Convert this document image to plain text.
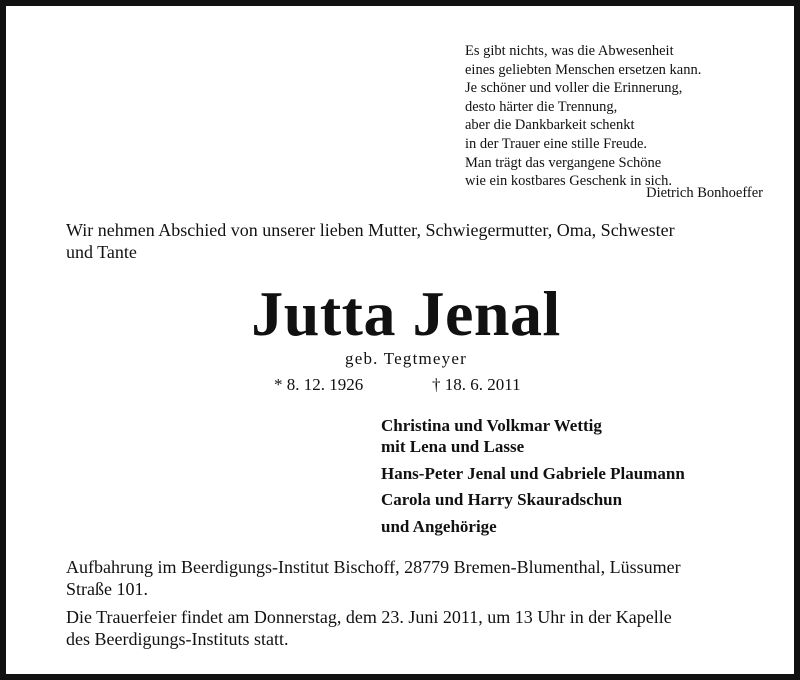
Es gibt nichts, was die Abwesenheit
eines geliebten Menschen ersetzen kann.
Je schöner und voller die Erinnerung,
desto härter die Trennung,
aber die Dankbarkeit schenkt
in der Trauer eine stille Freude.
Man trägt das vergangene Schöne
wie ein kostbares Geschenk in sich.
Dietrich Bonhoeffer
Wir nehmen Abschied von unserer lieben Mutter, Schwiegermutter, Oma, Schwester
und Tante
Jutta Jenal
geb. Tegtmeyer
* 8. 12. 1926	† 18. 6. 2011
Christina und Volkmar Wettig
mit Lena und Lasse
Hans-Peter Jenal und Gabriele Plaumann
Carola und Harry Skauradschun
und Angehörige
Aufbahrung im Beerdigungs-Institut Bischoff, 28779 Bremen-Blumenthal, Lüssumer
Straße 101.
Die Trauerfeier findet am Donnerstag, dem 23. Juni 2011, um 13 Uhr in der Kapelle
des Beerdigungs-Instituts statt.
